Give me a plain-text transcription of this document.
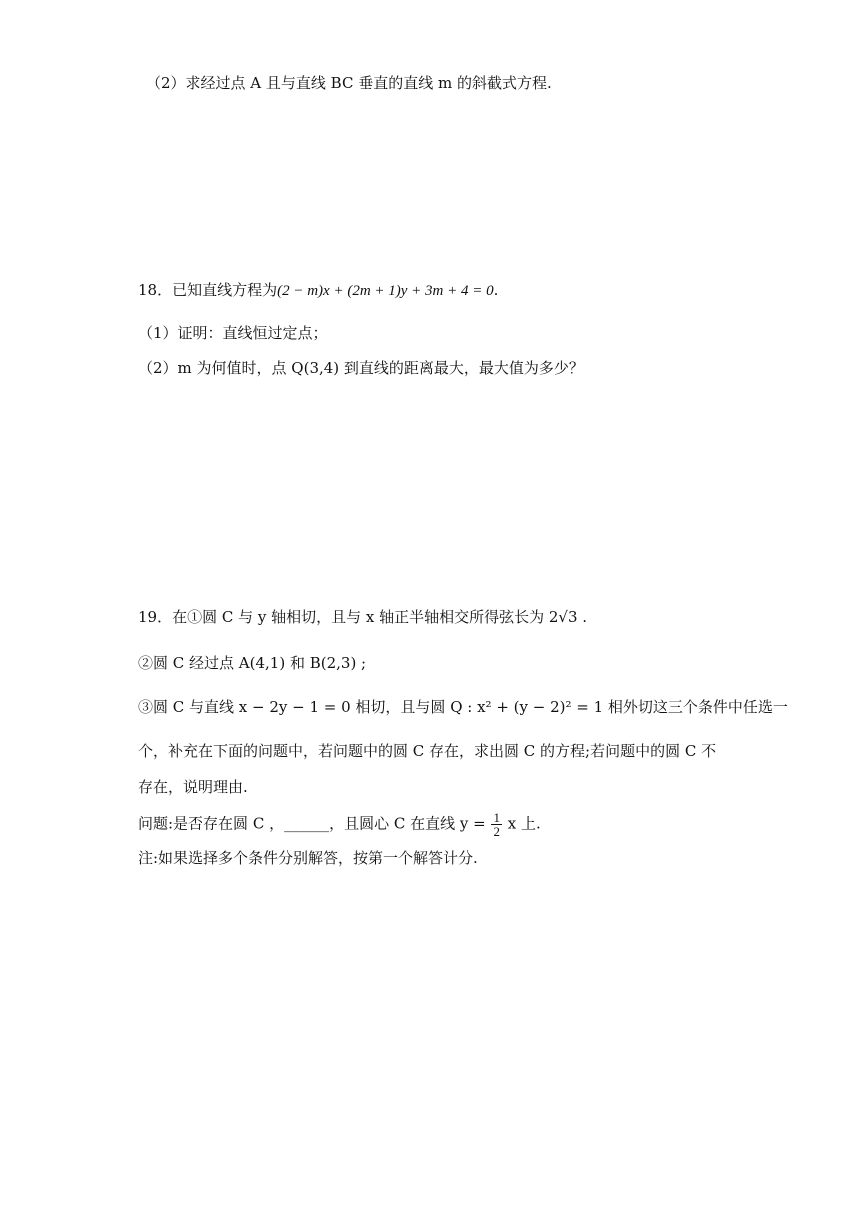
（2）求经过点 A 且与直线 BC 垂直的直线 m 的斜截式方程.
18．已知直线方程为(2 − m)x + (2m + 1)y + 3m + 4 = 0.
（1）证明：直线恒过定点；
（2）m 为何值时，点 Q(3,4) 到直线的距离最大，最大值为多少？
19．在①圆 C 与 y 轴相切，且与 x 轴正半轴相交所得弦长为 2√3 .
②圆 C 经过点 A(4,1) 和 B(2,3) ;
③圆 C 与直线 x − 2y − 1 = 0 相切，且与圆 Q : x² + (y − 2)² = 1 相外切这三个条件中任选一
个，补充在下面的问题中，若问题中的圆 C 存在，求出圆 C 的方程;若问题中的圆 C 不
存在，说明理由.
问题:是否存在圆 C ，______，且圆心 C 在直线 $y = \frac{1}{2}$ x 上.
注:如果选择多个条件分别解答，按第一个解答计分.
